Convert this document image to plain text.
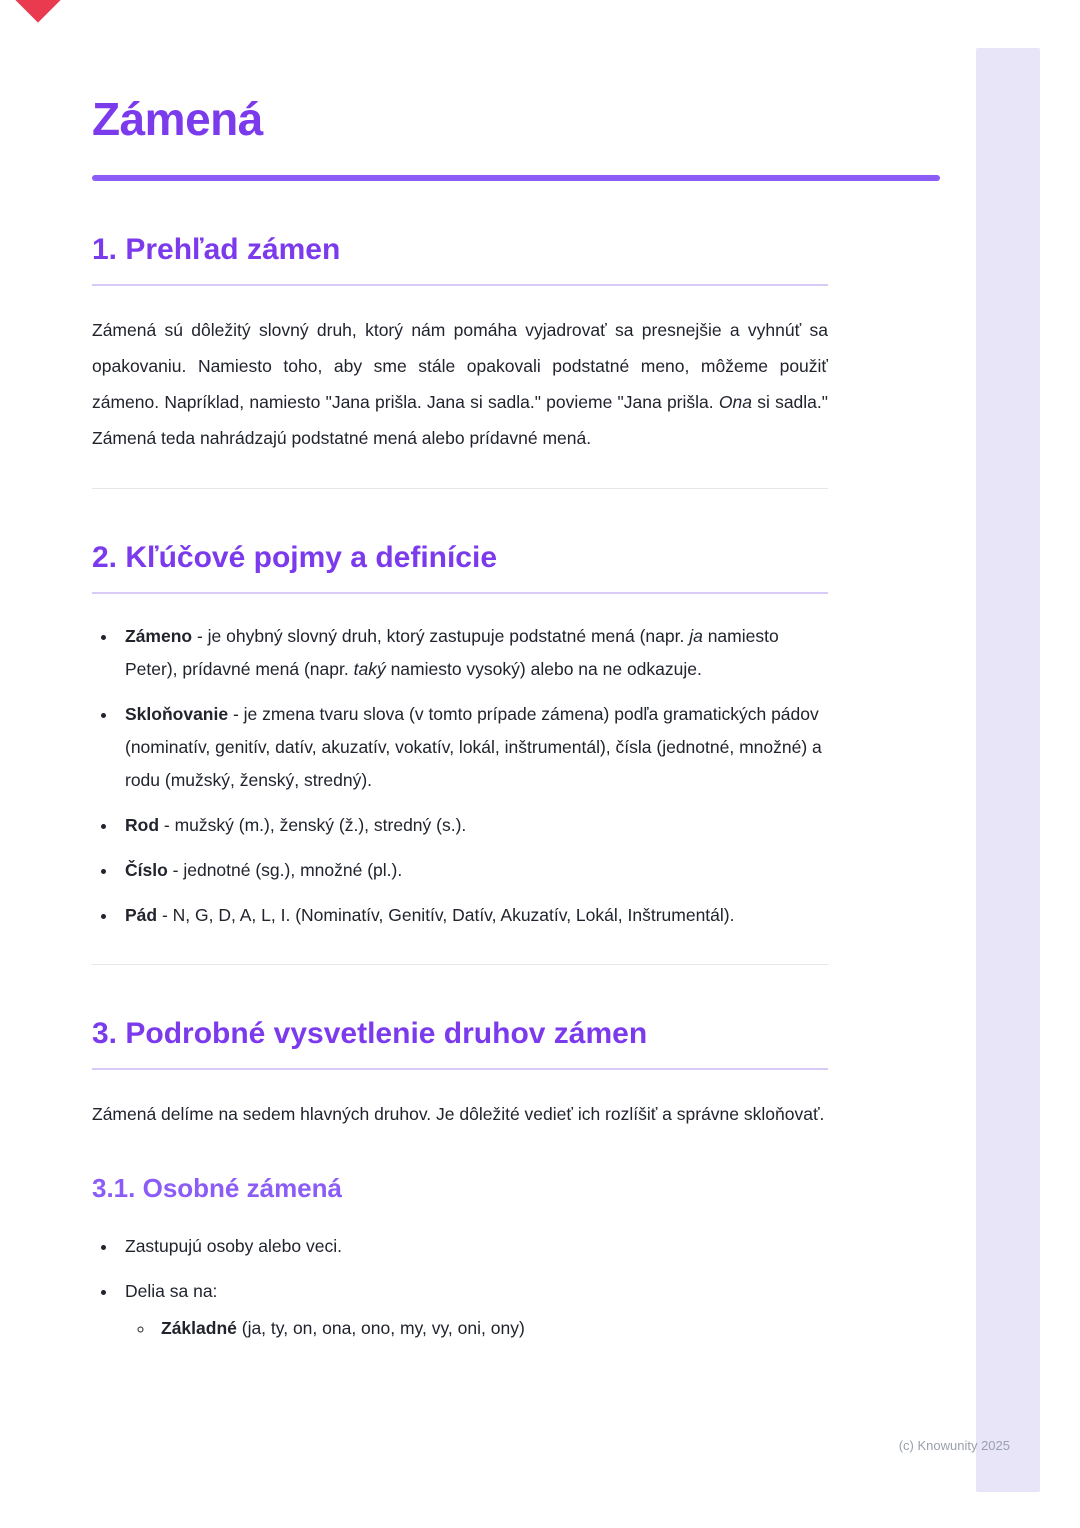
Zámená
1. Prehľad zámen

Zámená sú dôležitý slovný druh, ktorý nám pomáha vyjadrovať sa presnejšie a vyhnúť sa opakovaniu. Namiesto toho, aby sme stále opakovali podstatné meno, môžeme použiť zámeno. Napríklad, namiesto "Jana prišla. Jana si sadla." povieme "Jana prišla. Ona si sadla." Zámená teda nahrádzajú podstatné mená alebo prídavné mená.

2. Kľúčové pojmy a definície
• Zámeno - je ohybný slovný druh, ktorý zastupuje podstatné mená (napr. ja namiesto Peter), prídavné mená (napr. taký namiesto vysoký) alebo na ne odkazuje.
• Skloňovanie - je zmena tvaru slova (v tomto prípade zámena) podľa gramatických pádov (nominatív, genitív, datív, akuzatív, vokatív, lokál, inštrumentál), čísla (jednotné, množné) a rodu (mužský, ženský, stredný).
• Rod - mužský (m.), ženský (ž.), stredný (s.).
• Číslo - jednotné (sg.), množné (pl.).
• Pád - N, G, D, A, L, I. (Nominatív, Genitív, Datív, Akuzatív, Lokál, Inštrumentál).
3. Podrobné vysvetlenie druhov zámen

Zámená delíme na sedem hlavných druhov. Je dôležité vedieť ich rozlíšiť a správne skloňovať.

3.1. Osobné zámená
• Zastupujú osoby alebo veci.
• Delia sa na:
◦ Základné (ja, ty, on, ona, ono, my, vy, oni, ony)
(c) Knowunity 2025
